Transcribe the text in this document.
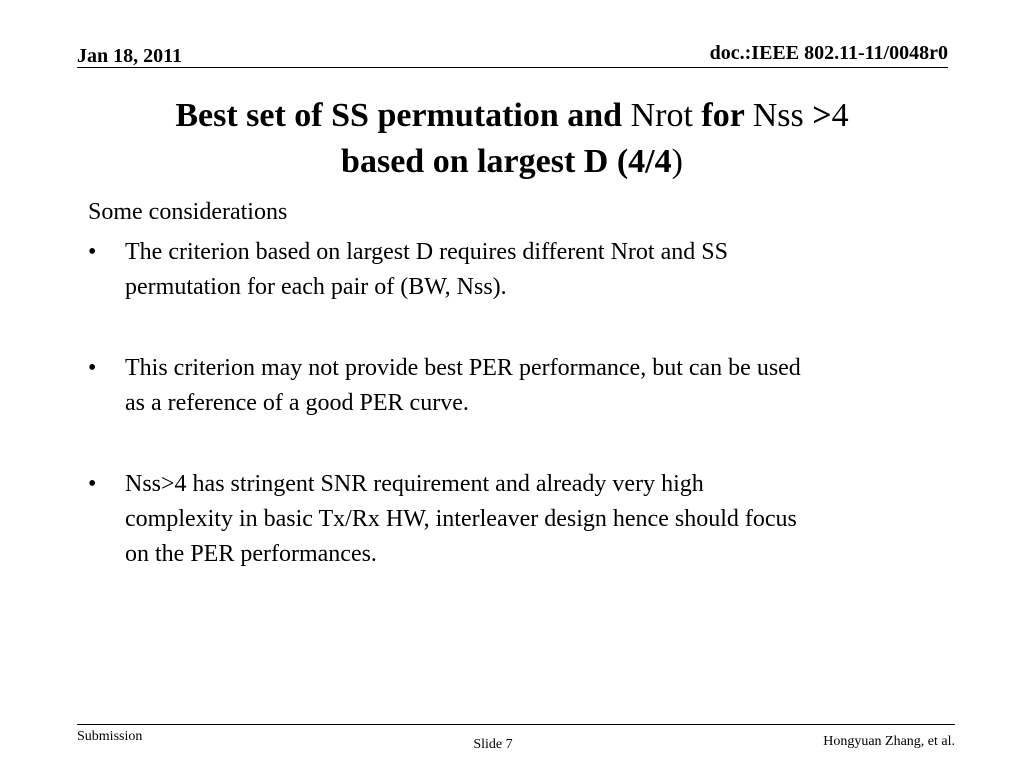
Jan 18, 2011	doc.:IEEE 802.11-11/0048r0
Best set of SS permutation and Nrot for Nss >4
based on largest D (4/4)
Some considerations
• The criterion based on largest D requires different Nrot and SS
permutation for each pair of (BW, Nss).
• This criterion may not provide best PER performance, but can be used
as a reference of a good PER curve.
• Nss>4 has stringent SNR requirement and already very high
complexity in basic Tx/Rx HW, interleaver design hence should focus
on the PER performances.
Submission
Slide 7	Hongyuan Zhang, et al.
